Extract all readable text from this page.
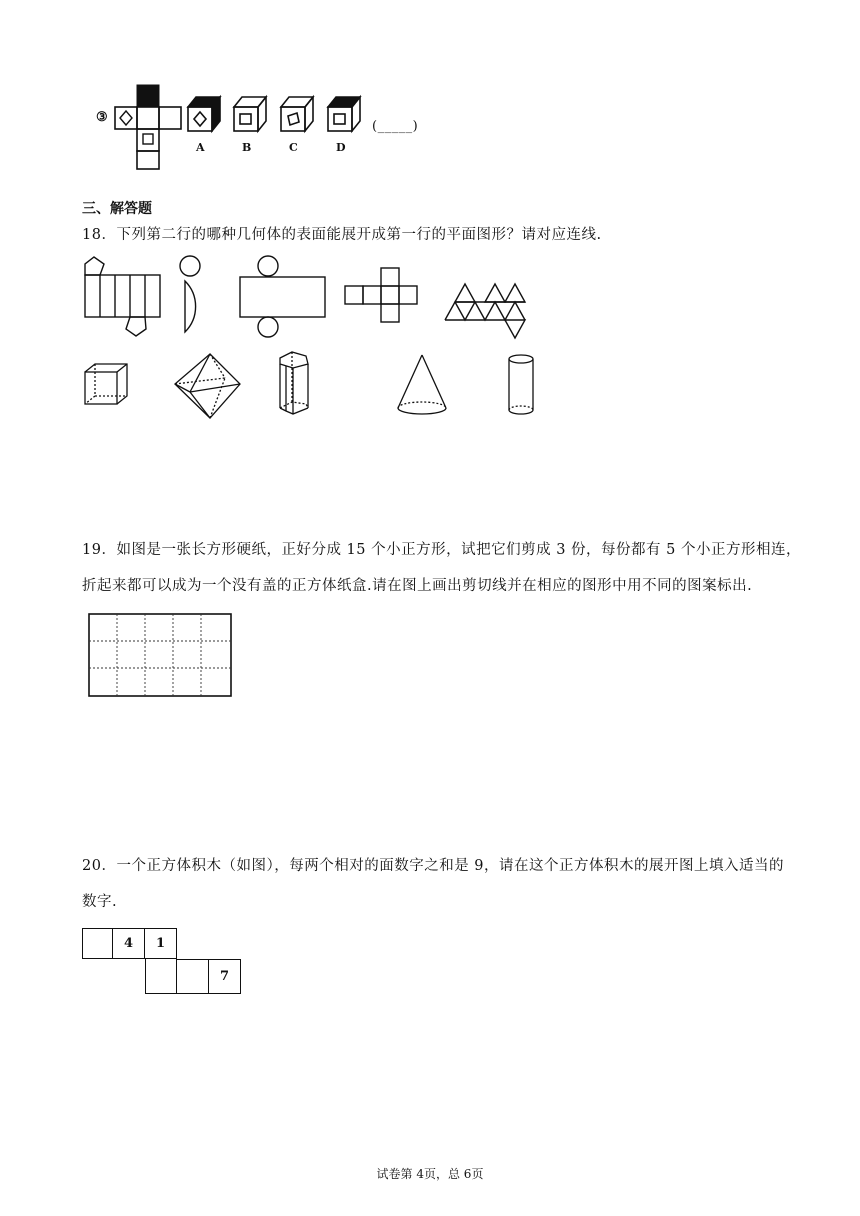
③
A	B	C	D
(_____)
三、解答题
18．下列第二行的哪种几何体的表面能展开成第一行的平面图形？请对应连线.
19．如图是一张长方形硬纸，正好分成 15 个小正方形，试把它们剪成 3 份，每份都有 5 个小正方形相连，
折起来都可以成为一个没有盖的正方体纸盒.请在图上画出剪切线并在相应的图形中用不同的图案标出.
20．一个正方体积木（如图），每两个相对的面数字之和是 9，请在这个正方体积木的展开图上填入适当的
数字.
4	1
7
试卷第 4页，总 6页
